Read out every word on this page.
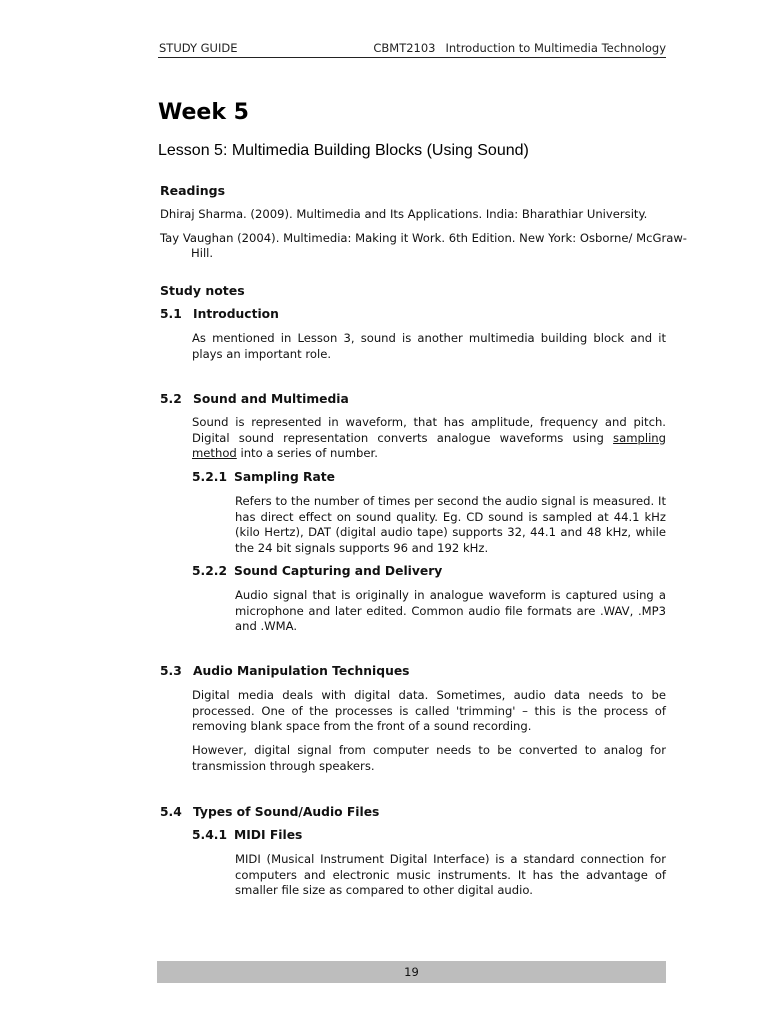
STUDY GUIDE	CBMT2103 Introduction to Multimedia Technology
Week 5
Lesson 5: Multimedia Building Blocks (Using Sound)
Readings

Dhiraj Sharma. (2009). Multimedia and Its Applications. India: Bharathiar University.

Tay Vaughan (2004). Multimedia: Making it Work. 6th Edition. New York: Osborne/ McGraw-Hill.

Study notes
5.1 Introduction

As mentioned in Lesson 3, sound is another multimedia building block and it plays an important role.

5.2 Sound and Multimedia

Sound is represented in waveform, that has amplitude, frequency and pitch. Digital sound representation converts analogue waveforms using sampling method into a series of number.

5.2.1 Sampling Rate

Refers to the number of times per second the audio signal is measured. It has direct effect on sound quality. Eg. CD sound is sampled at 44.1 kHz (kilo Hertz), DAT (digital audio tape) supports 32, 44.1 and 48 kHz, while the 24 bit signals supports 96 and 192 kHz.

5.2.2 Sound Capturing and Delivery

Audio signal that is originally in analogue waveform is captured using a microphone and later edited. Common audio file formats are .WAV, .MP3 and .WMA.

5.3 Audio Manipulation Techniques

Digital media deals with digital data. Sometimes, audio data needs to be processed. One of the processes is called 'trimming' – this is the process of removing blank space from the front of a sound recording.

However, digital signal from computer needs to be converted to analog for transmission through speakers.

5.4 Types of Sound/Audio Files
5.4.1 MIDI Files

MIDI (Musical Instrument Digital Interface) is a standard connection for computers and electronic music instruments. It has the advantage of smaller file size as compared to other digital audio.

19
